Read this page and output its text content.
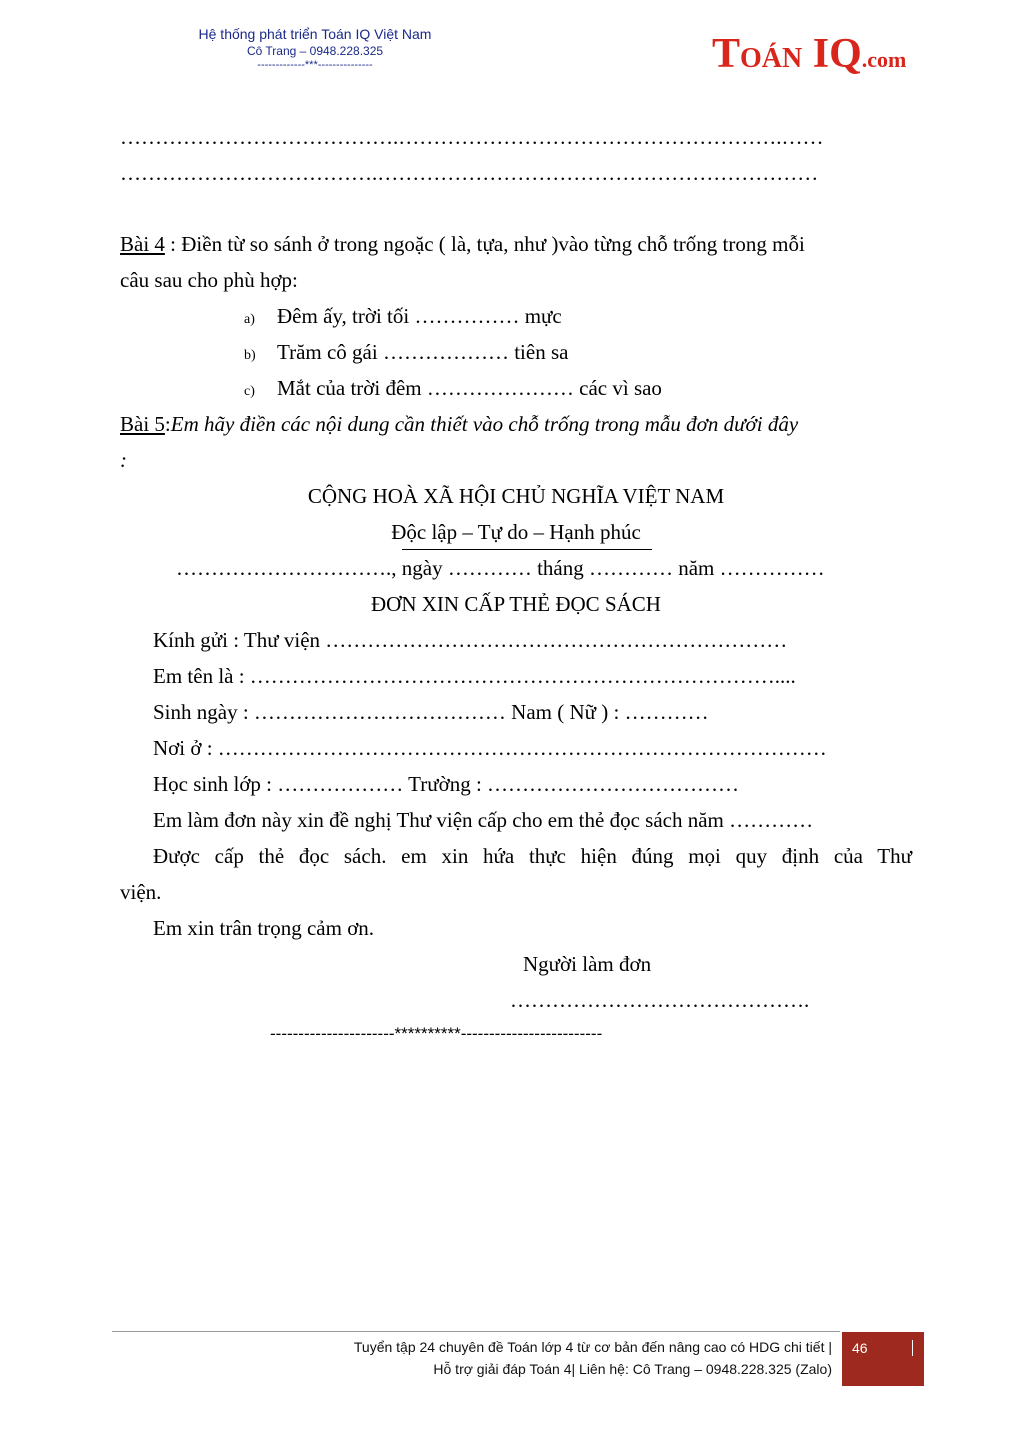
Hệ thống phát triển Toán IQ Việt Nam
Cô Trang – 0948.228.325
-------------***---------------	TOÁN IQ.com
………………………………….……………………………………………….……
……………………………….………………………………………………………
Bài 4 : Điền từ so sánh ở trong ngoặc ( là, tựa, như )vào từng chỗ trống trong mỗi
câu sau cho phù hợp:
a) Đêm ấy, trời tối …………… mực
b) Trăm cô gái ……………… tiên sa
c) Mắt của trời đêm ………………… các vì sao
Bài 5:Em hãy điền các nội dung cần thiết vào chỗ trống trong mẫu đơn dưới đây
:
CỘNG HOÀ XÃ HỘI CHỦ NGHĨA VIỆT NAM
Độc lập – Tự do – Hạnh phúc
…………………………., ngày ………… tháng ………… năm ……………
ĐƠN XIN CẤP THẺ ĐỌC SÁCH
Kính gửi : Thư viện …………………………………………………………
Em tên là : …………………………………………………………………....
Sinh ngày : ……………………………… Nam ( Nữ ) : …………
Nơi ở : ……………………………………………………………………………
Học sinh lớp : ……………… Trường : ………………………………
Em làm đơn này xin đề nghị Thư viện cấp cho em thẻ đọc sách năm …………
Được cấp thẻ đọc sách. em xin hứa thực hiện đúng mọi quy định của Thư
viện.
Em xin trân trọng cảm ơn.
Người làm đơn
…………………………………….
----------------------**********-------------------------
Tuyển tập 24 chuyên đề Toán lớp 4 từ cơ bản đến nâng cao có HDG chi tiết |
Hỗ trợ giải đáp Toán 4| Liên hệ: Cô Trang – 0948.228.325 (Zalo)
46
